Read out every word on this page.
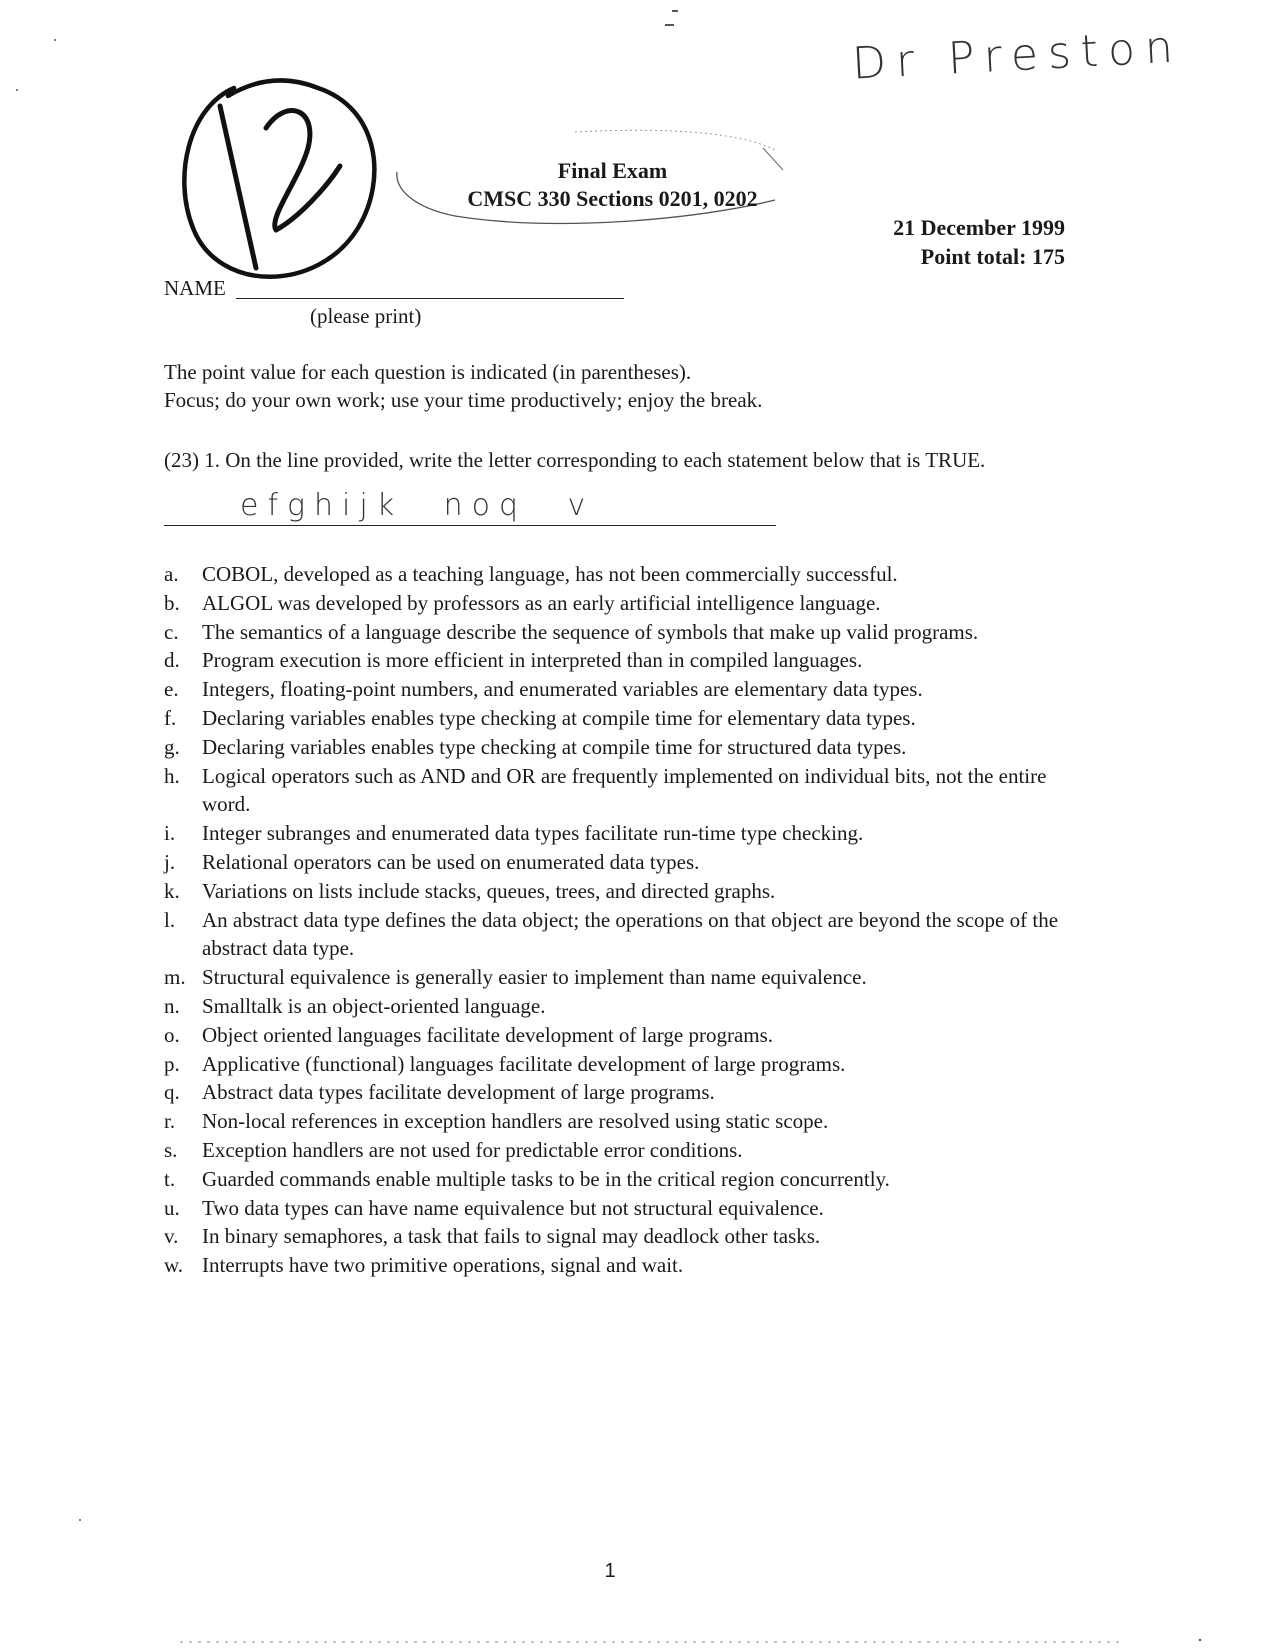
Dr Preston
Final Exam
CMSC 330 Sections 0201, 0202
21 December 1999
Point total: 175
NAME
(please print)
The point value for each question is indicated (in parentheses).
Focus; do your own work; use your time productively; enjoy the break.
(23) 1. On the line provided, write the letter corresponding to each statement below that is TRUE.
efghijk noq v
a.	COBOL, developed as a teaching language, has not been commercially successful.
b.	ALGOL was developed by professors as an early artificial intelligence language.
c.	The semantics of a language describe the sequence of symbols that make up valid programs.
d.	Program execution is more efficient in interpreted than in compiled languages.
e.	Integers, floating-point numbers, and enumerated variables are elementary data types.
f.	Declaring variables enables type checking at compile time for elementary data types.
g.	Declaring variables enables type checking at compile time for structured data types.
h.	Logical operators such as AND and OR are frequently implemented on individual bits, not the entire word.
i.	Integer subranges and enumerated data types facilitate run-time type checking.
j.	Relational operators can be used on enumerated data types.
k.	Variations on lists include stacks, queues, trees, and directed graphs.
l.	An abstract data type defines the data object; the operations on that object are beyond the scope of the abstract data type.
m. Structural equivalence is generally easier to implement than name equivalence.
n.	Smalltalk is an object-oriented language.
o.	Object oriented languages facilitate development of large programs.
p.	Applicative (functional) languages facilitate development of large programs.
q.	Abstract data types facilitate development of large programs.
r.	Non-local references in exception handlers are resolved using static scope.
s.	Exception handlers are not used for predictable error conditions.
t.	Guarded commands enable multiple tasks to be in the critical region concurrently.
u.	Two data types can have name equivalence but not structural equivalence.
v.	In binary semaphores, a task that fails to signal may deadlock other tasks.
w. Interrupts have two primitive operations, signal and wait.
1
